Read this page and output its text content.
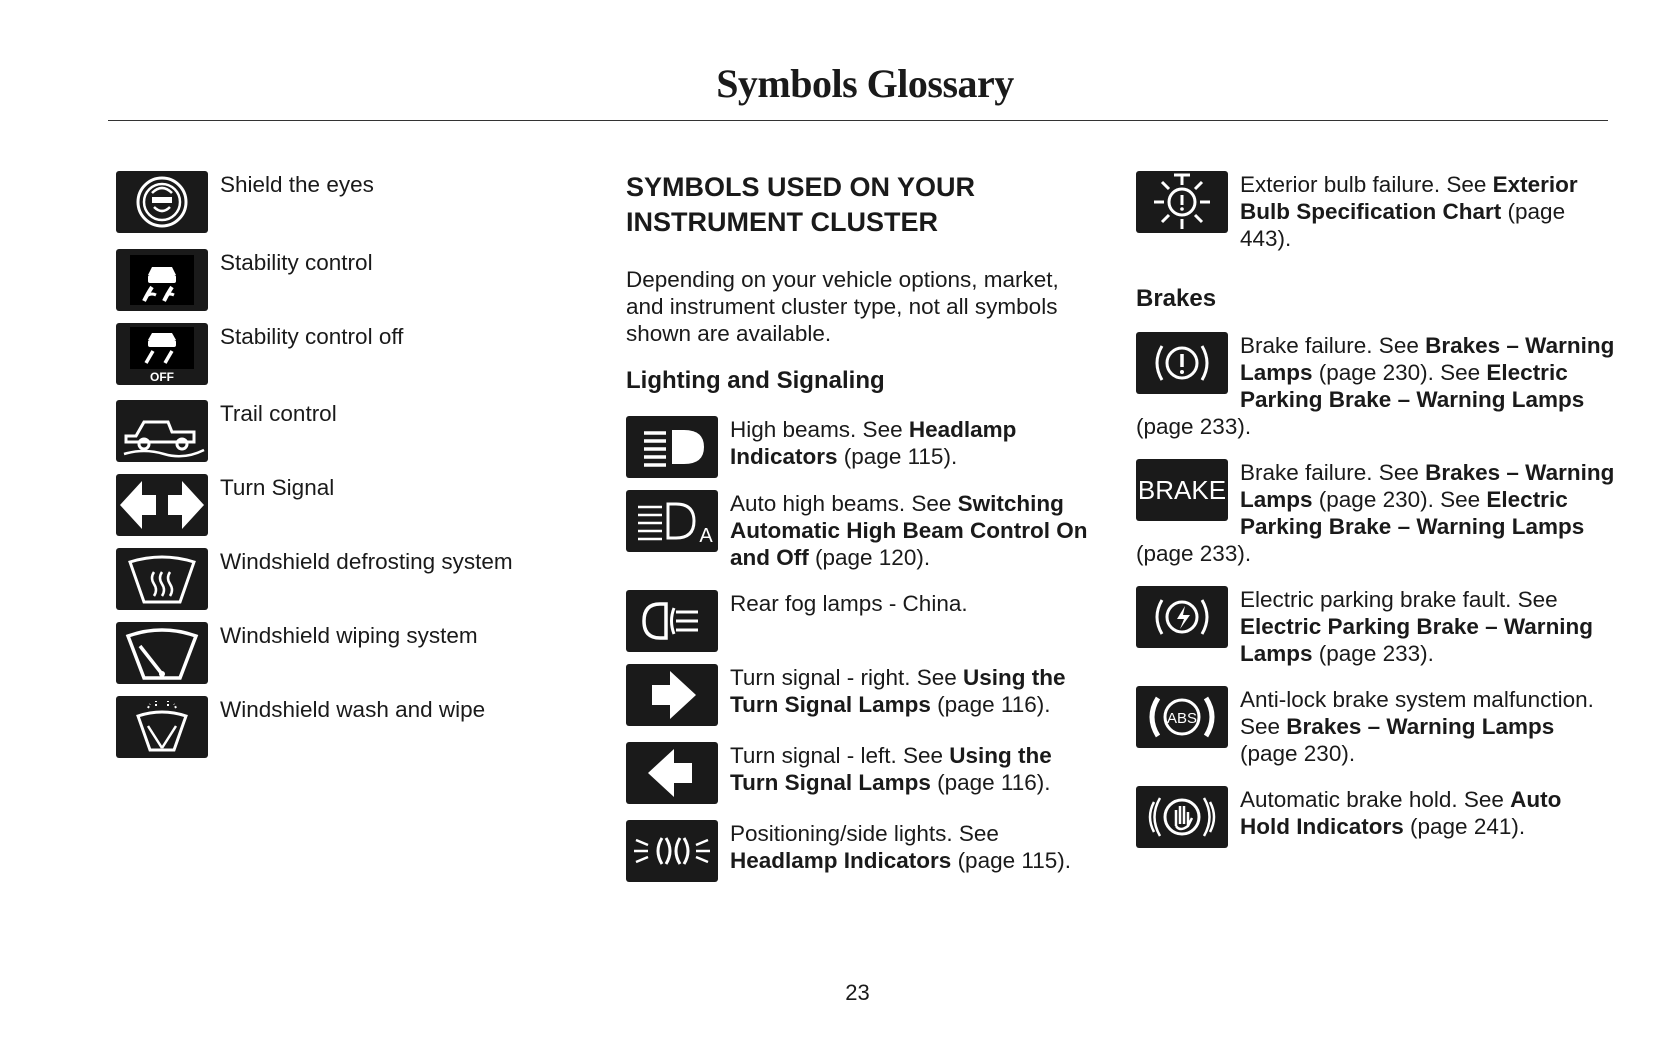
Symbols Glossary
Shield the eyes
Stability control
OFF
Stability control off
Trail control
Turn Signal
Windshield defrosting system
Windshield wiping system
Windshield wash and wipe
SYMBOLS USED ON YOUR
INSTRUMENT CLUSTER
Depending on your vehicle options, market, and instrument cluster type, not all symbols shown are available.
Lighting and Signaling
High beams. See Headlamp Indicators (page 115).
A
Auto high beams. See Switching Automatic High Beam Control On and Off (page 120).
Rear fog lamps - China.
Turn signal - right. See Using the Turn Signal Lamps (page 116).
Turn signal - left. See Using the Turn Signal Lamps (page 116).
Positioning/side lights. See Headlamp Indicators (page 115).
Exterior bulb failure. See Exterior Bulb Specification Chart (page 443).
Brakes
Brake failure. See Brakes – Warning Lamps (page 230). See Electric Parking Brake – Warning Lamps (page 233).
BRAKE
Brake failure. See Brakes – Warning Lamps (page 230). See Electric Parking Brake – Warning Lamps (page 233).
Electric parking brake fault. See Electric Parking Brake – Warning Lamps (page 233).
ABS
Anti-lock brake system malfunction. See Brakes – Warning Lamps (page 230).
Automatic brake hold. See Auto Hold Indicators (page 241).
23
